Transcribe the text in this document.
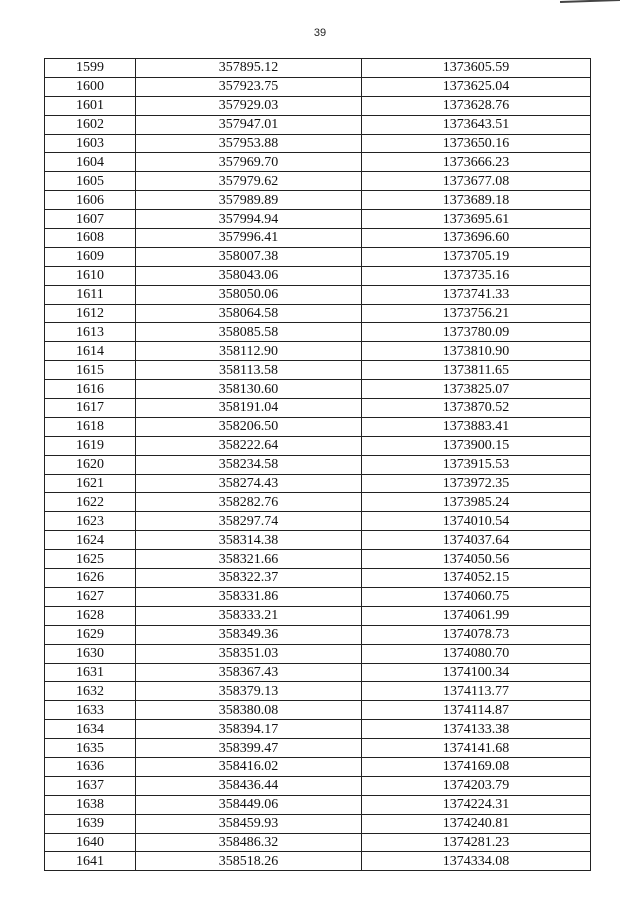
39
1599	357895.12	1373605.59
1600	357923.75	1373625.04
1601	357929.03	1373628.76
1602	357947.01	1373643.51
1603	357953.88	1373650.16
1604	357969.70	1373666.23
1605	357979.62	1373677.08
1606	357989.89	1373689.18
1607	357994.94	1373695.61
1608	357996.41	1373696.60
1609	358007.38	1373705.19
1610	358043.06	1373735.16
1611	358050.06	1373741.33
1612	358064.58	1373756.21
1613	358085.58	1373780.09
1614	358112.90	1373810.90
1615	358113.58	1373811.65
1616	358130.60	1373825.07
1617	358191.04	1373870.52
1618	358206.50	1373883.41
1619	358222.64	1373900.15
1620	358234.58	1373915.53
1621	358274.43	1373972.35
1622	358282.76	1373985.24
1623	358297.74	1374010.54
1624	358314.38	1374037.64
1625	358321.66	1374050.56
1626	358322.37	1374052.15
1627	358331.86	1374060.75
1628	358333.21	1374061.99
1629	358349.36	1374078.73
1630	358351.03	1374080.70
1631	358367.43	1374100.34
1632	358379.13	1374113.77
1633	358380.08	1374114.87
1634	358394.17	1374133.38
1635	358399.47	1374141.68
1636	358416.02	1374169.08
1637	358436.44	1374203.79
1638	358449.06	1374224.31
1639	358459.93	1374240.81
1640	358486.32	1374281.23
1641	358518.26	1374334.08
